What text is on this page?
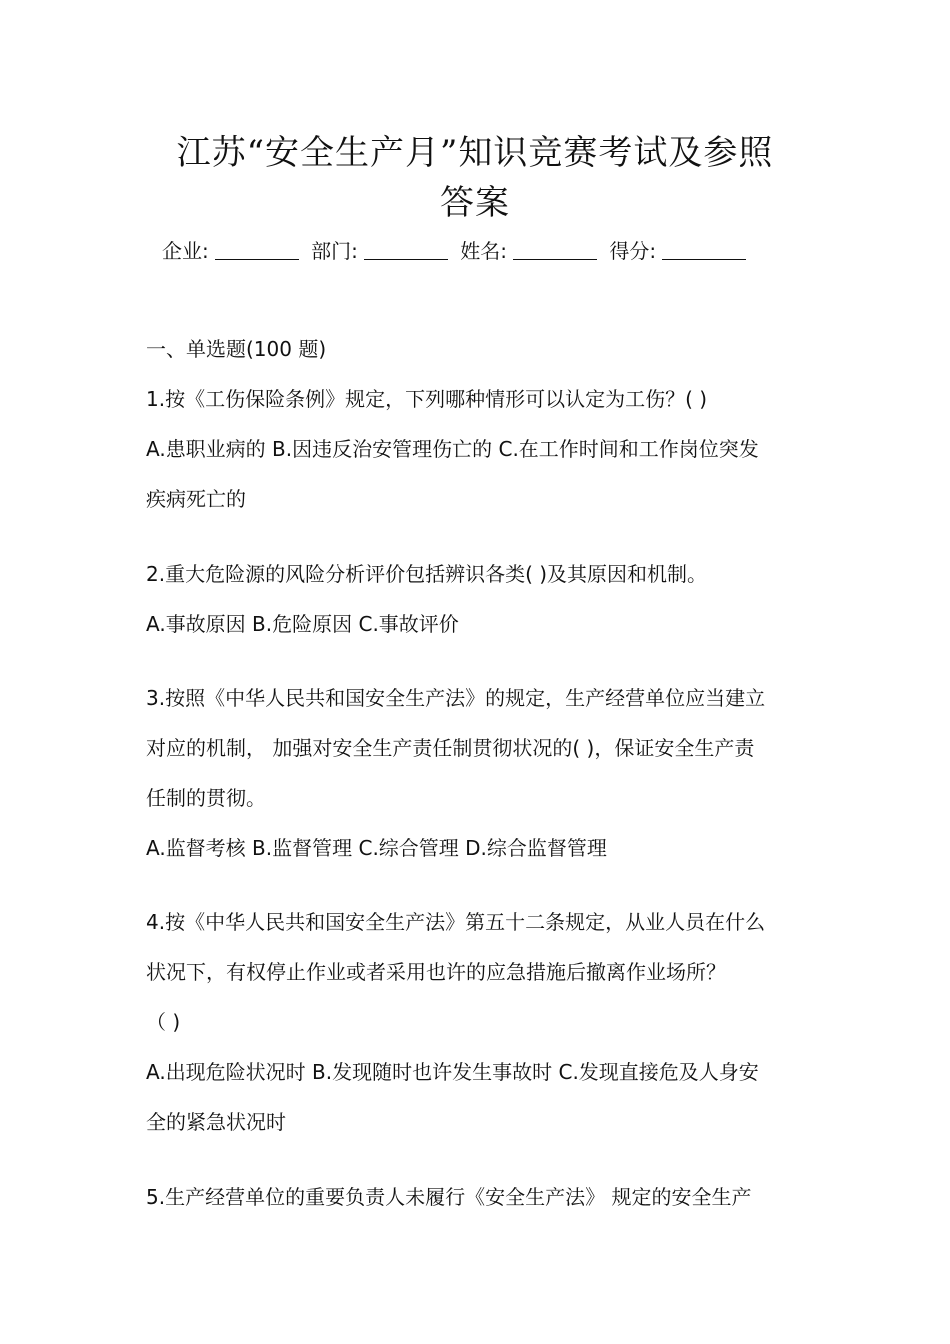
江苏“安全生产月”知识竞赛考试及参照
答案
企业:	部门:	姓名:	得分:
一、单选题(100 题)
1.按《工伤保险条例》规定，下列哪种情形可以认定为工伤？( )
A.患职业病的 B.因违反治安管理伤亡的 C.在工作时间和工作岗位突发
疾病死亡的
2.重大危险源的风险分析评价包括辨识各类( )及其原因和机制。
A.事故原因 B.危险原因 C.事故评价
3.按照《中华人民共和国安全生产法》的规定，生产经营单位应当建立
对应的机制， 加强对安全生产责任制贯彻状况的( )，保证安全生产责
任制的贯彻。
A.监督考核 B.监督管理 C.综合管理 D.综合监督管理
4.按《中华人民共和国安全生产法》第五十二条规定，从业人员在什么
状况下，有权停止作业或者采用也许的应急措施后撤离作业场所？
（ )
A.出现危险状况时 B.发现随时也许发生事故时 C.发现直接危及人身安
全的紧急状况时
5.生产经营单位的重要负责人未履行《安全生产法》 规定的安全生产
